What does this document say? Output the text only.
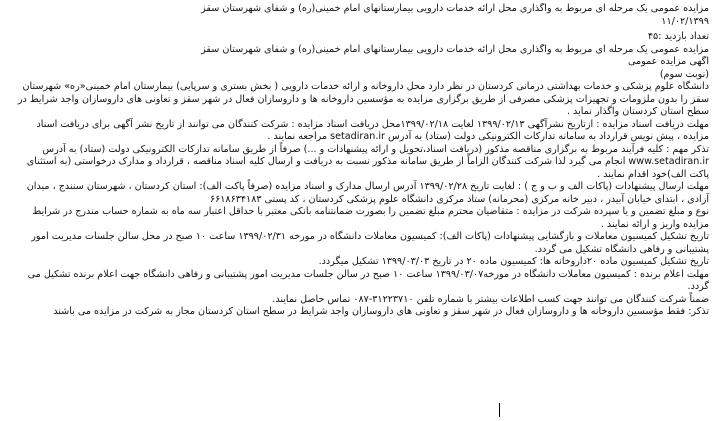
مزایده عمومی یک مرحله ای مربوط به واگذاری محل ارائه خدمات دارویی بیمارستانهای امام خمینی(ره) و شفای شهرستان سقز
۱۱/۰۲/۱۳۹۹
تعداد بازدید :۴۵
مزایده عمومی یک مرحله ای مربوط به واگذاری محل ارائه خدمات دارویی بیمارستانهای امام خمینی(ره) و شفای شهرستان سقز
آگهی مزایده عمومی
(نوبت سوم)
دانشگاه علوم پزشکی و خدمات بهداشتی درمانی کردستان در نظر دارد محل داروخانه و ارائه خدمات دارویی ( بخش بستری و سرپایی) بیمارستان امام خمینی«ره» شهرستان سقز را بدون ملزومات و تجهیزات پزشکی مصرفی از طریق برگزاری مزایده به مؤسسین داروخانه ها و داروسازان فعال در شهر سقز و تعاونی های داروسازان واجد شرایط در سطح استان کردستان واگذار نماید .
مهلت دریافت اسناد مزایده : ازتاریخ نشرآگهی ۱۳۹۹/۰۲/۱۳ لغایت ۱۳۹۹/۰۲/۱۸محل دریافت اسناد مزایده : شرکت کنندگان می توانند از تاریخ نشر آگهی برای دریافت اسناد مزایده ، پیش نویس قرارداد به سامانه تدارکات الکترونیکی دولت (ستاد) به آدرس setadiran.ir مراجعه نمایند .
تذکر مهم : کلیه فرآیند مربوط به برگزاری مناقصه مذکور (دریافت اسناد،تحویل و ارائه پیشنهادات و ...) صرفاً از طریق سامانه تدارکات الکترونیکی دولت (ستاد) به آدرس www.setadiran.ir انجام می گیرد لذا شرکت کنندگان الزاماً از طریق سامانه مذکور نسبت به دریافت و ارسال کلیه اسناد مناقصه ، قرارداد و مدارک درخواستی (به استثنای پاکت الف)خود اقدام نمایند .
مهلت ارسال پیشنهادات (پاکات الف و ب و ج ) : لغایت تاریخ ۱۳۹۹/۰۲/۲۸ آدرس ارسال مدارک و اسناد مزایده (صرفاً پاکت الف): استان کردستان ، شهرستان سنندج ، میدان آزادی ، ابتدای خیابان آبیدر ، دبیر خانه مرکزی (محرمانه) ستاد مرکزی دانشگاه علوم پزشکی کردستان ، کد پستی ۶۶۱۸۶۳۴۱۸۳
نوع و مبلغ تضمین و یا سپرده شرکت در مزایده : متقاضیان محترم مبلغ تضمین را بصورت ضمانتنامه بانکی معتبر با حداقل اعتبار سه ماه به شماره حساب مندرج در شرایط مزایده واریز و ارائه نمایند .
تاریخ تشکیل کمیسیون معاملات و بازگشایی پیشنهادات (پاکات الف): کمیسیون معاملات دانشگاه در مورخه ۱۳۹۹/۰۲/۳۱ ساعت ۱۰ صبح در محل سالن جلسات مدیریت امور پشتیبانی و رفاهی دانشگاه تشکیل می گردد.
تاریخ تشکیل کمیسیون ماده ۲۰داروخانه ها: کمیسیون ماده ۲۰ در تاریخ ۱۳۹۹/۰۳/۰۳ تشکیل میگردد.
مهلت اعلام برنده : کمیسیون معاملات دانشگاه در مورخه۱۳۹۹/۰۳/۰۷ ساعت ۱۰ صبح در سالن جلسات مدیریت امور پشتیبانی و رفاهی دانشگاه جهت اعلام برنده تشکیل می گردد.
ضمناً شرکت کنندگان می توانند جهت کسب اطلاعات بیشتر با شماره تلفن ۳۱۲۲۳۷۱۰-۰۸۷ تماس حاصل نمایند.
تذکر: فقط مؤسسین داروخانه ها و داروسازان فعال در شهر سقز و تعاونی های داروسازان واجد شرایط در سطح استان کردستان مجاز به شرکت در مزایده می باشند
